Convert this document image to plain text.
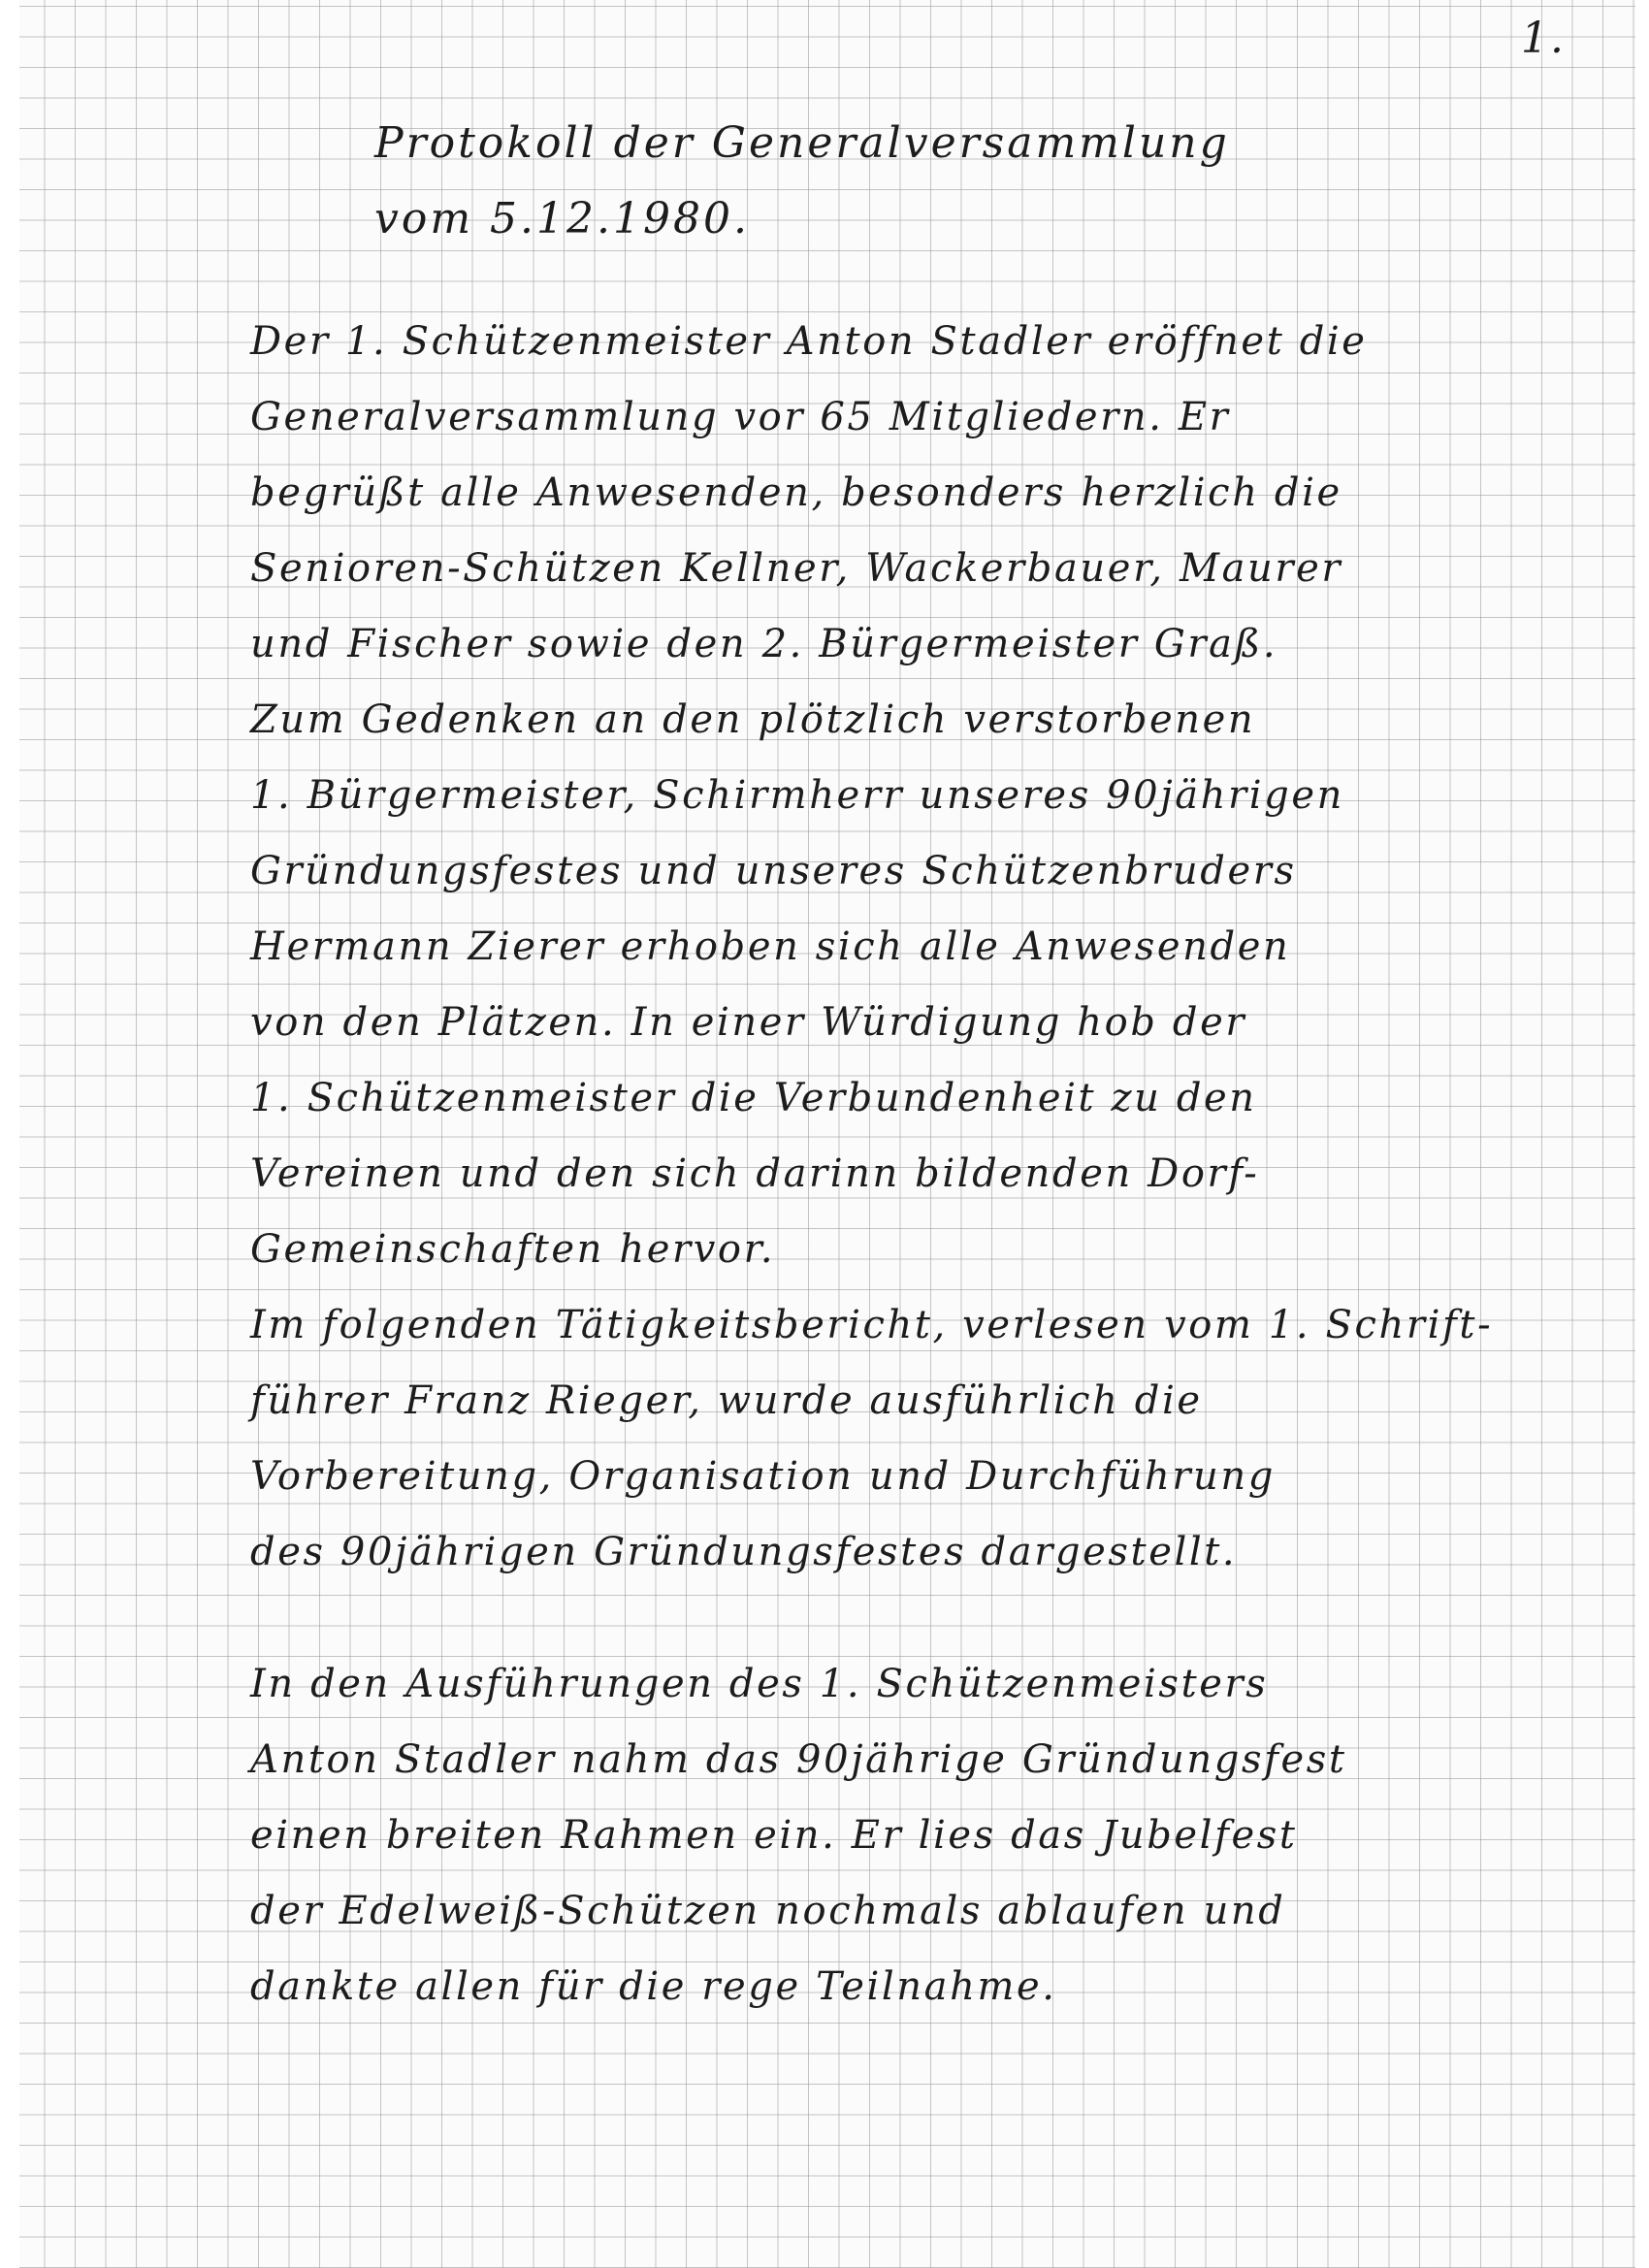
1.
Protokoll der Generalversammlung
vom 5.12.1980.
Der 1. Schützenmeister Anton Stadler eröffnet die
Generalversammlung vor 65 Mitgliedern. Er
begrüßt alle Anwesenden, besonders herzlich die
Senioren-Schützen Kellner, Wackerbauer, Maurer
und Fischer sowie den 2. Bürgermeister Graß.
Zum Gedenken an den plötzlich verstorbenen
1. Bürgermeister, Schirmherr unseres 90jährigen
Gründungsfestes und unseres Schützenbruders
Hermann Zierer erhoben sich alle Anwesenden
von den Plätzen. In einer Würdigung hob der
1. Schützenmeister die Verbundenheit zu den
Vereinen und den sich darinn bildenden Dorf-
Gemeinschaften hervor.
Im folgenden Tätigkeitsbericht, verlesen vom 1. Schrift-
führer Franz Rieger, wurde ausführlich die
Vorbereitung, Organisation und Durchführung
des 90jährigen Gründungsfestes dargestellt.
In den Ausführungen des 1. Schützenmeisters
Anton Stadler nahm das 90jährige Gründungsfest
einen breiten Rahmen ein. Er lies das Jubelfest
der Edelweiß-Schützen nochmals ablaufen und
dankte allen für die rege Teilnahme.
